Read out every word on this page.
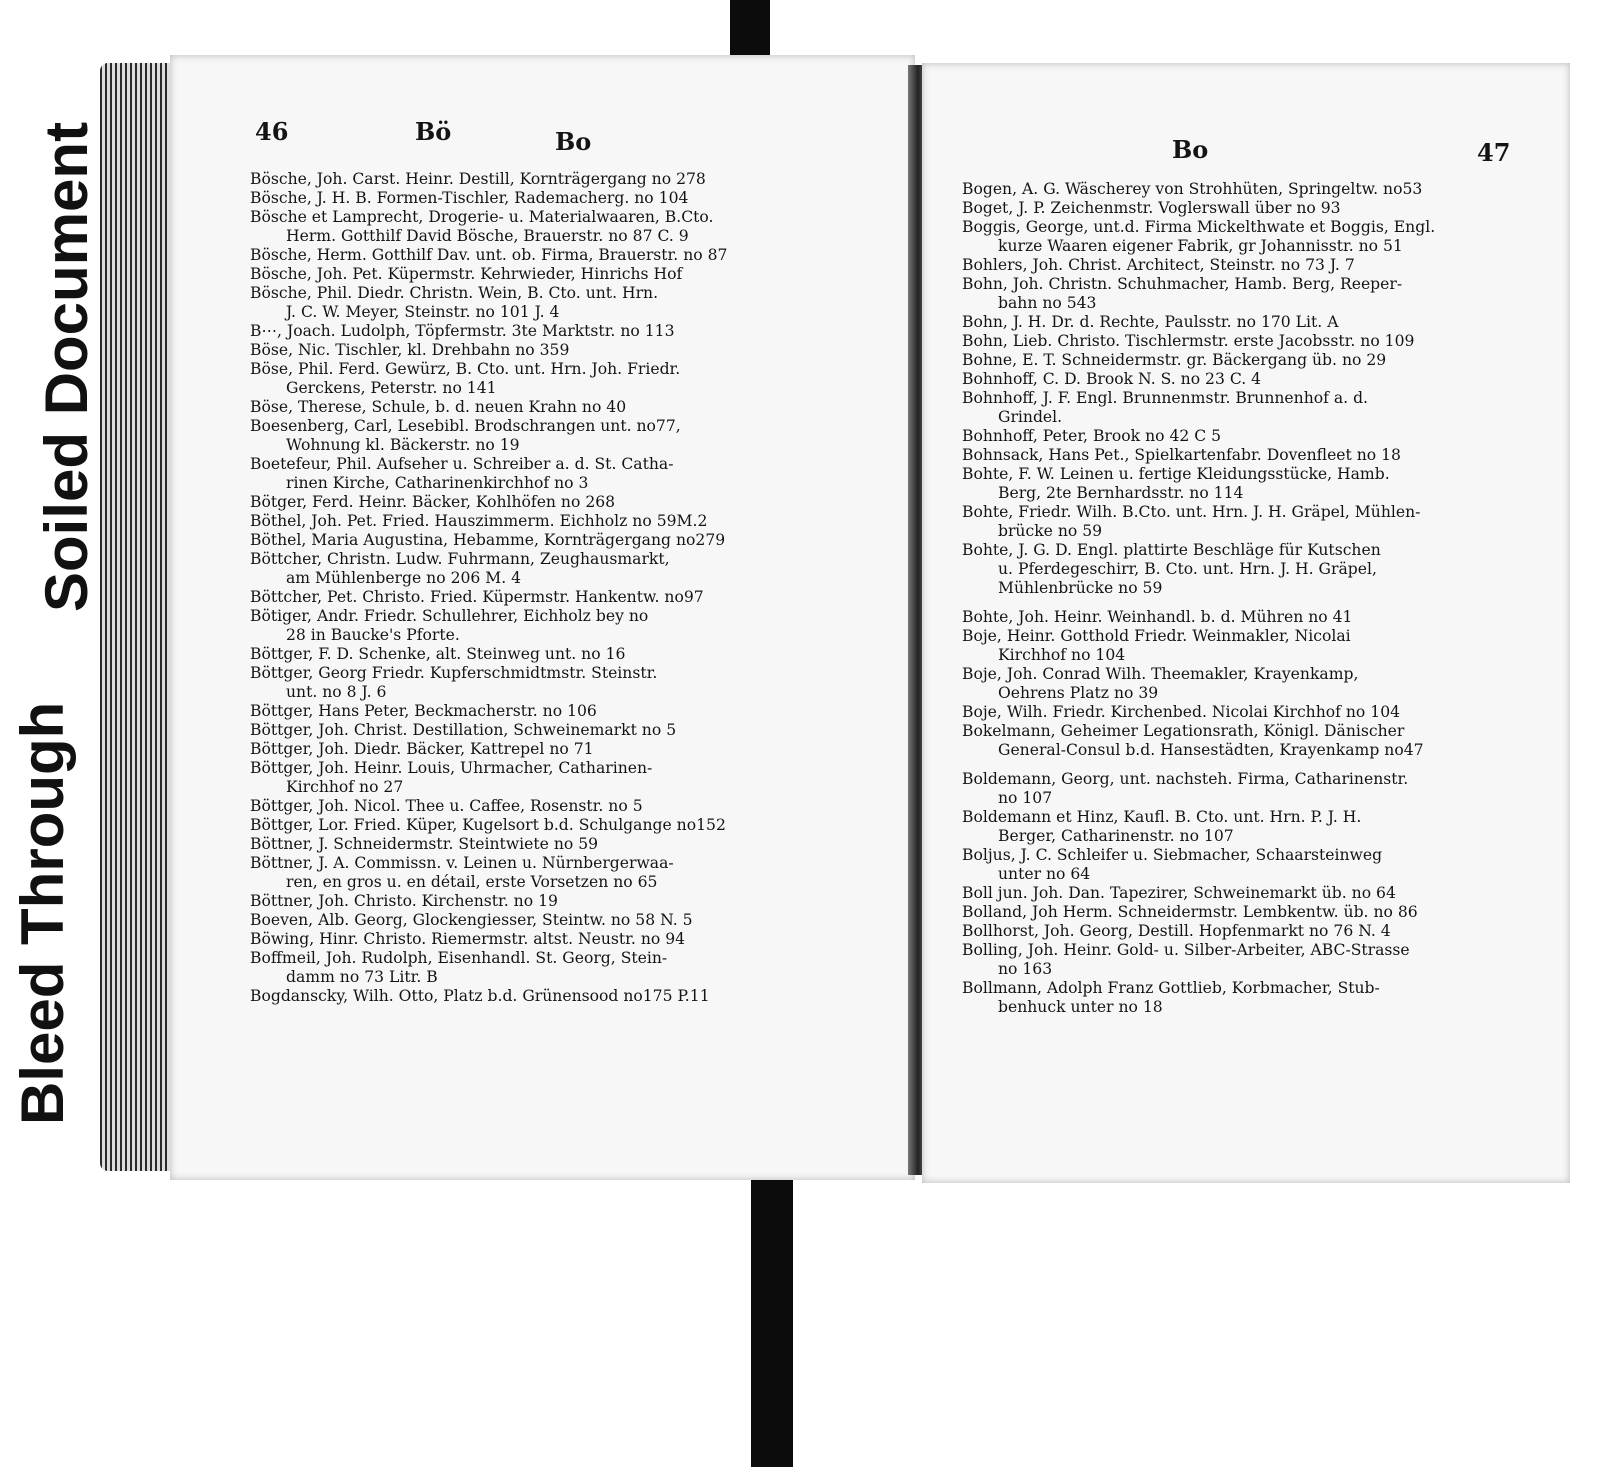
Bleed Through
Soiled Document	46	Bö	Bo
Bösche, Joh. Carst. Heinr. Destill, Kornträgergang no 278
Bösche, J. H. B. Formen-Tischler, Rademacherg. no 104
Bösche et Lamprecht, Drogerie- u. Materialwaaren, B.Cto.
Herm. Gotthilf David Bösche, Brauerstr. no 87 C. 9
Bösche, Herm. Gotthilf Dav. unt. ob. Firma, Brauerstr. no 87
Bösche, Joh. Pet. Küpermstr. Kehrwieder, Hinrichs Hof
Bösche, Phil. Diedr. Christn. Wein, B. Cto. unt. Hrn.
J. C. W. Meyer, Steinstr. no 101 J. 4
B⋯, Joach. Ludolph, Töpfermstr. 3te Marktstr. no 113
Böse, Nic. Tischler, kl. Drehbahn no 359
Böse, Phil. Ferd. Gewürz, B. Cto. unt. Hrn. Joh. Friedr.
Gerckens, Peterstr. no 141
Böse, Therese, Schule, b. d. neuen Krahn no 40
Boesenberg, Carl, Lesebibl. Brodschrangen unt. no77,
Wohnung kl. Bäckerstr. no 19
Boetefeur, Phil. Aufseher u. Schreiber a. d. St. Catha-
rinen Kirche, Catharinenkirchhof no 3
Bötger, Ferd. Heinr. Bäcker, Kohlhöfen no 268
Böthel, Joh. Pet. Fried. Hauszimmerm. Eichholz no 59M.2
Böthel, Maria Augustina, Hebamme, Kornträgergang no279
Böttcher, Christn. Ludw. Fuhrmann, Zeughausmarkt,
am Mühlenberge no 206 M. 4
Böttcher, Pet. Christo. Fried. Küpermstr. Hankentw. no97
Bötiger, Andr. Friedr. Schullehrer, Eichholz bey no
28 in Baucke's Pforte.
Böttger, F. D. Schenke, alt. Steinweg unt. no 16
Böttger, Georg Friedr. Kupferschmidtmstr. Steinstr.
unt. no 8 J. 6
Böttger, Hans Peter, Beckmacherstr. no 106
Böttger, Joh. Christ. Destillation, Schweinemarkt no 5
Böttger, Joh. Diedr. Bäcker, Kattrepel no 71
Böttger, Joh. Heinr. Louis, Uhrmacher, Catharinen-
Kirchhof no 27
Böttger, Joh. Nicol. Thee u. Caffee, Rosenstr. no 5
Böttger, Lor. Fried. Küper, Kugelsort b.d. Schulgange no152
Böttner, J. Schneidermstr. Steintwiete no 59
Böttner, J. A. Commissn. v. Leinen u. Nürnbergerwaa-
ren, en gros u. en détail, erste Vorsetzen no 65
Böttner, Joh. Christo. Kirchenstr. no 19
Boeven, Alb. Georg, Glockengiesser, Steintw. no 58 N. 5
Böwing, Hinr. Christo. Riemermstr. altst. Neustr. no 94
Boffmeil, Joh. Rudolph, Eisenhandl. St. Georg, Stein-
damm no 73 Litr. B
Bogdanscky, Wilh. Otto, Platz b.d. Grünensood no175 P.11
Bo	47
Bogen, A. G. Wäscherey von Strohhüten, Springeltw. no53
Boget, J. P. Zeichenmstr. Voglerswall über no 93
Boggis, George, unt.d. Firma Mickelthwate et Boggis, Engl.
kurze Waaren eigener Fabrik, gr Johannisstr. no 51
Bohlers, Joh. Christ. Architect, Steinstr. no 73 J. 7
Bohn, Joh. Christn. Schuhmacher, Hamb. Berg, Reeper-
bahn no 543
Bohn, J. H. Dr. d. Rechte, Paulsstr. no 170 Lit. A
Bohn, Lieb. Christo. Tischlermstr. erste Jacobsstr. no 109
Bohne, E. T. Schneidermstr. gr. Bäckergang üb. no 29
Bohnhoff, C. D. Brook N. S. no 23 C. 4
Bohnhoff, J. F. Engl. Brunnenmstr. Brunnenhof a. d.
Grindel.
Bohnhoff, Peter, Brook no 42 C 5
Bohnsack, Hans Pet., Spielkartenfabr. Dovenfleet no 18
Bohte, F. W. Leinen u. fertige Kleidungsstücke, Hamb.
Berg, 2te Bernhardsstr. no 114
Bohte, Friedr. Wilh. B.Cto. unt. Hrn. J. H. Gräpel, Mühlen-
brücke no 59
Bohte, J. G. D. Engl. plattirte Beschläge für Kutschen
u. Pferdegeschirr, B. Cto. unt. Hrn. J. H. Gräpel,
Mühlenbrücke no 59
Bohte, Joh. Heinr. Weinhandl. b. d. Mühren no 41
Boje, Heinr. Gotthold Friedr. Weinmakler, Nicolai
Kirchhof no 104
Boje, Joh. Conrad Wilh. Theemakler, Krayenkamp,
Oehrens Platz no 39
Boje, Wilh. Friedr. Kirchenbed. Nicolai Kirchhof no 104
Bokelmann, Geheimer Legationsrath, Königl. Dänischer
General-Consul b.d. Hansestädten, Krayenkamp no47
Boldemann, Georg, unt. nachsteh. Firma, Catharinenstr.
no 107
Boldemann et Hinz, Kaufl. B. Cto. unt. Hrn. P. J. H.
Berger, Catharinenstr. no 107
Boljus, J. C. Schleifer u. Siebmacher, Schaarsteinweg
unter no 64
Boll jun. Joh. Dan. Tapezirer, Schweinemarkt üb. no 64
Bolland, Joh Herm. Schneidermstr. Lembkentw. üb. no 86
Bollhorst, Joh. Georg, Destill. Hopfenmarkt no 76 N. 4
Bolling, Joh. Heinr. Gold- u. Silber-Arbeiter, ABC-Strasse
no 163
Bollmann, Adolph Franz Gottlieb, Korbmacher, Stub-
benhuck unter no 18
